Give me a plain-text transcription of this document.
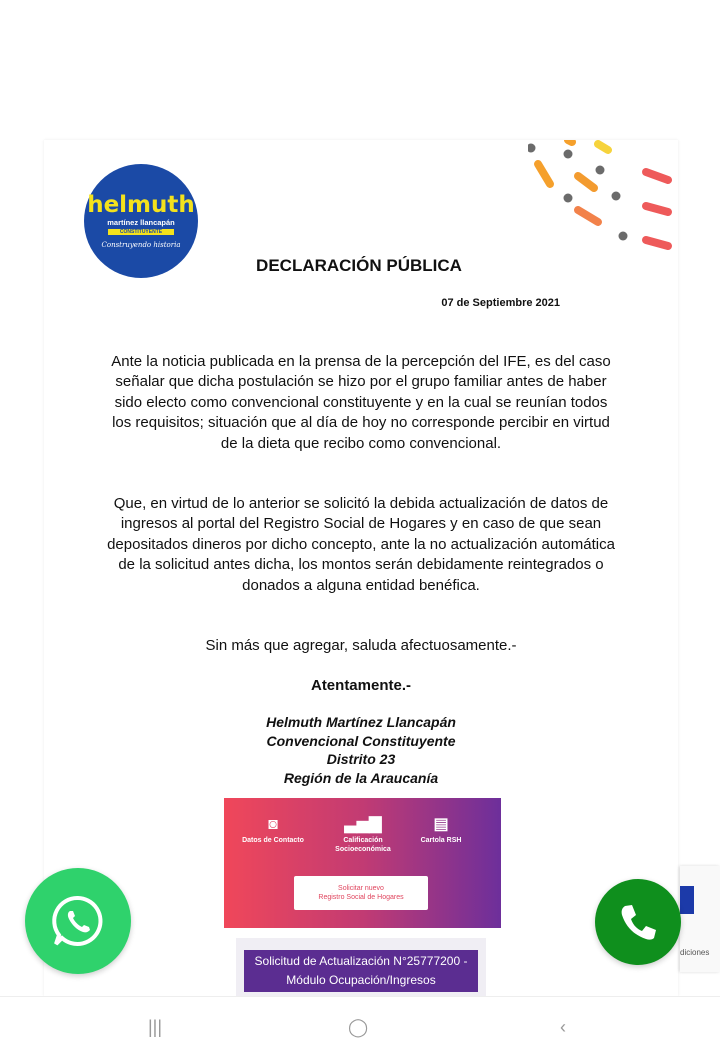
helmuth
martínez llancapán
CONSTITUYENTE
Construyendo historia
DECLARACIÓN PÚBLICA
07 de Septiembre 2021

Ante la noticia publicada en la prensa de la percepción del IFE, es del caso señalar que dicha postulación se hizo por el grupo familiar antes de haber sido electo como convencional constituyente y en la cual se reunían todos los requisitos; situación que al día de hoy no corresponde percibir en virtud de la dieta que recibo como convencional.

Que, en virtud de lo anterior se solicitó la debida actualización de datos de ingresos al portal del Registro Social de Hogares y en caso de que sean depositados dineros por dicho concepto, ante la no actualización automática de la solicitud antes dicha, los montos serán debidamente reintegrados o donados a alguna entidad benéfica.

Sin más que agregar, saluda afectuosamente.-

Atentamente.-
Helmuth Martínez Llancapán
Convencional Constituyente
Distrito 23
Región de la Araucanía
◙
Datos de Contacto
▃▅▇
Calificación Socioeconómica
▤
Cartola RSH
Solicitar nuevo
Registro Social de Hogares
Solicitud de Actualización N°25777200 -
Módulo Ocupación/Ingresos
diciones
|||	◯	‹
